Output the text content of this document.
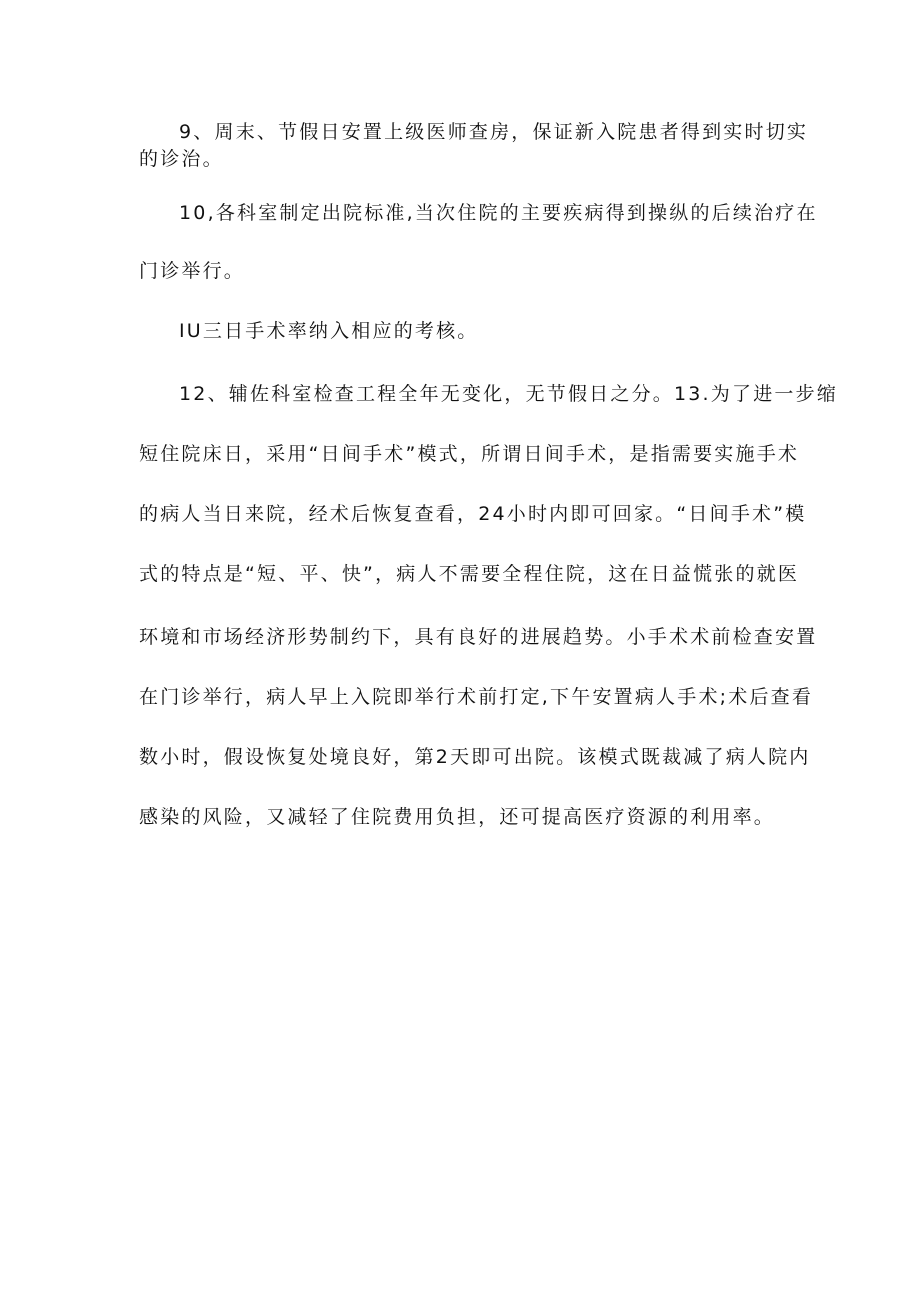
9、周末、节假日安置上级医师查房，保证新入院患者得到实时切实
的诊治。
10,各科室制定出院标准,当次住院的主要疾病得到操纵的后续治疗在
门诊举行。
IU三日手术率纳入相应的考核。
12、辅佐科室检查工程全年无变化，无节假日之分。13.为了进一步缩
短住院床日，采用“日间手术”模式，所谓日间手术，是指需要实施手术
的病人当日来院，经术后恢复查看，24小时内即可回家。“日间手术”模
式的特点是“短、平、快”，病人不需要全程住院，这在日益慌张的就医
环境和市场经济形势制约下，具有良好的进展趋势。小手术术前检查安置
在门诊举行，病人早上入院即举行术前打定,下午安置病人手术;术后查看
数小时，假设恢复处境良好，第2天即可出院。该模式既裁减了病人院内
感染的风险，又减轻了住院费用负担，还可提高医疗资源的利用率。
